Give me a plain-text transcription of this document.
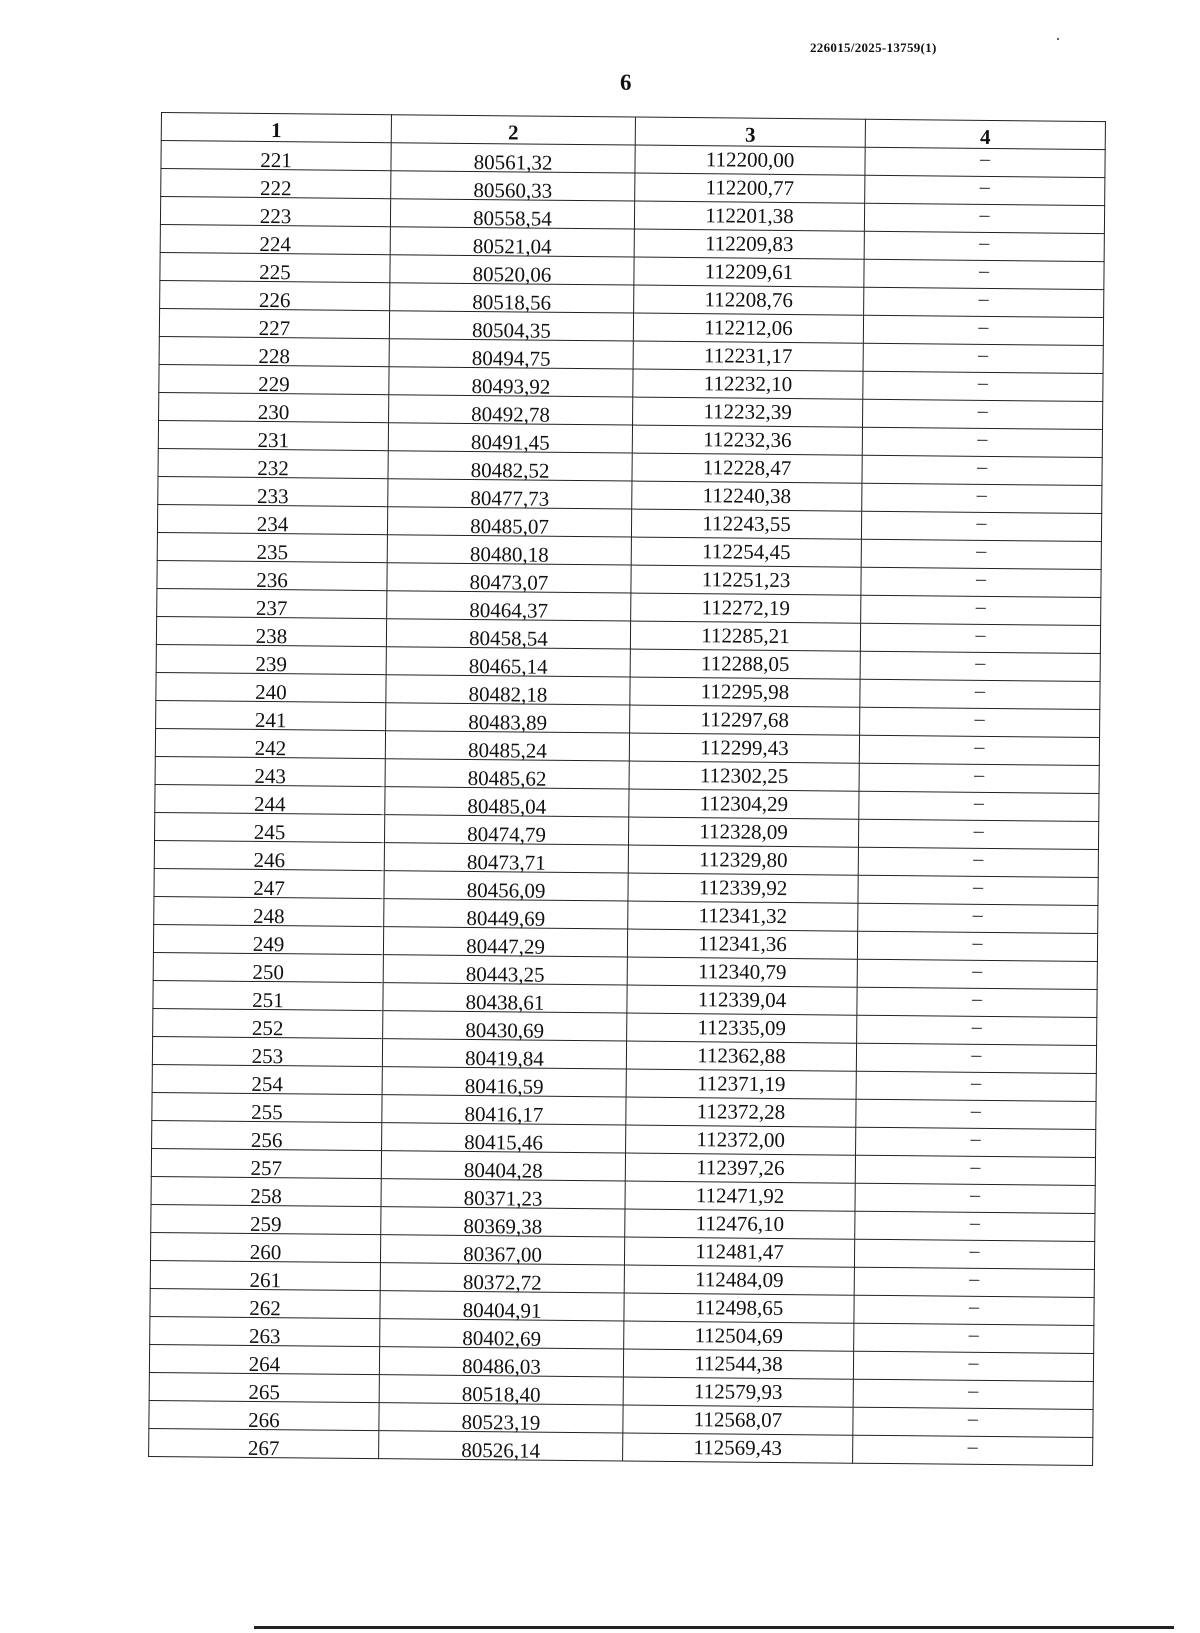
226015/2025-13759(1)
6
1	2	3	4
221	80561,32	112200,00	–
222	80560,33	112200,77	–
223	80558,54	112201,38	–
224	80521,04	112209,83	–
225	80520,06	112209,61	–
226	80518,56	112208,76	–
227	80504,35	112212,06	–
228	80494,75	112231,17	–
229	80493,92	112232,10	–
230	80492,78	112232,39	–
231	80491,45	112232,36	–
232	80482,52	112228,47	–
233	80477,73	112240,38	–
234	80485,07	112243,55	–
235	80480,18	112254,45	–
236	80473,07	112251,23	–
237	80464,37	112272,19	–
238	80458,54	112285,21	–
239	80465,14	112288,05	–
240	80482,18	112295,98	–
241	80483,89	112297,68	–
242	80485,24	112299,43	–
243	80485,62	112302,25	–
244	80485,04	112304,29	–
245	80474,79	112328,09	–
246	80473,71	112329,80	–
247	80456,09	112339,92	–
248	80449,69	112341,32	–
249	80447,29	112341,36	–
250	80443,25	112340,79	–
251	80438,61	112339,04	–
252	80430,69	112335,09	–
253	80419,84	112362,88	–
254	80416,59	112371,19	–
255	80416,17	112372,28	–
256	80415,46	112372,00	–
257	80404,28	112397,26	–
258	80371,23	112471,92	–
259	80369,38	112476,10	–
260	80367,00	112481,47	–
261	80372,72	112484,09	–
262	80404,91	112498,65	–
263	80402,69	112504,69	–
264	80486,03	112544,38	–
265	80518,40	112579,93	–
266	80523,19	112568,07	–
267	80526,14	112569,43	–
